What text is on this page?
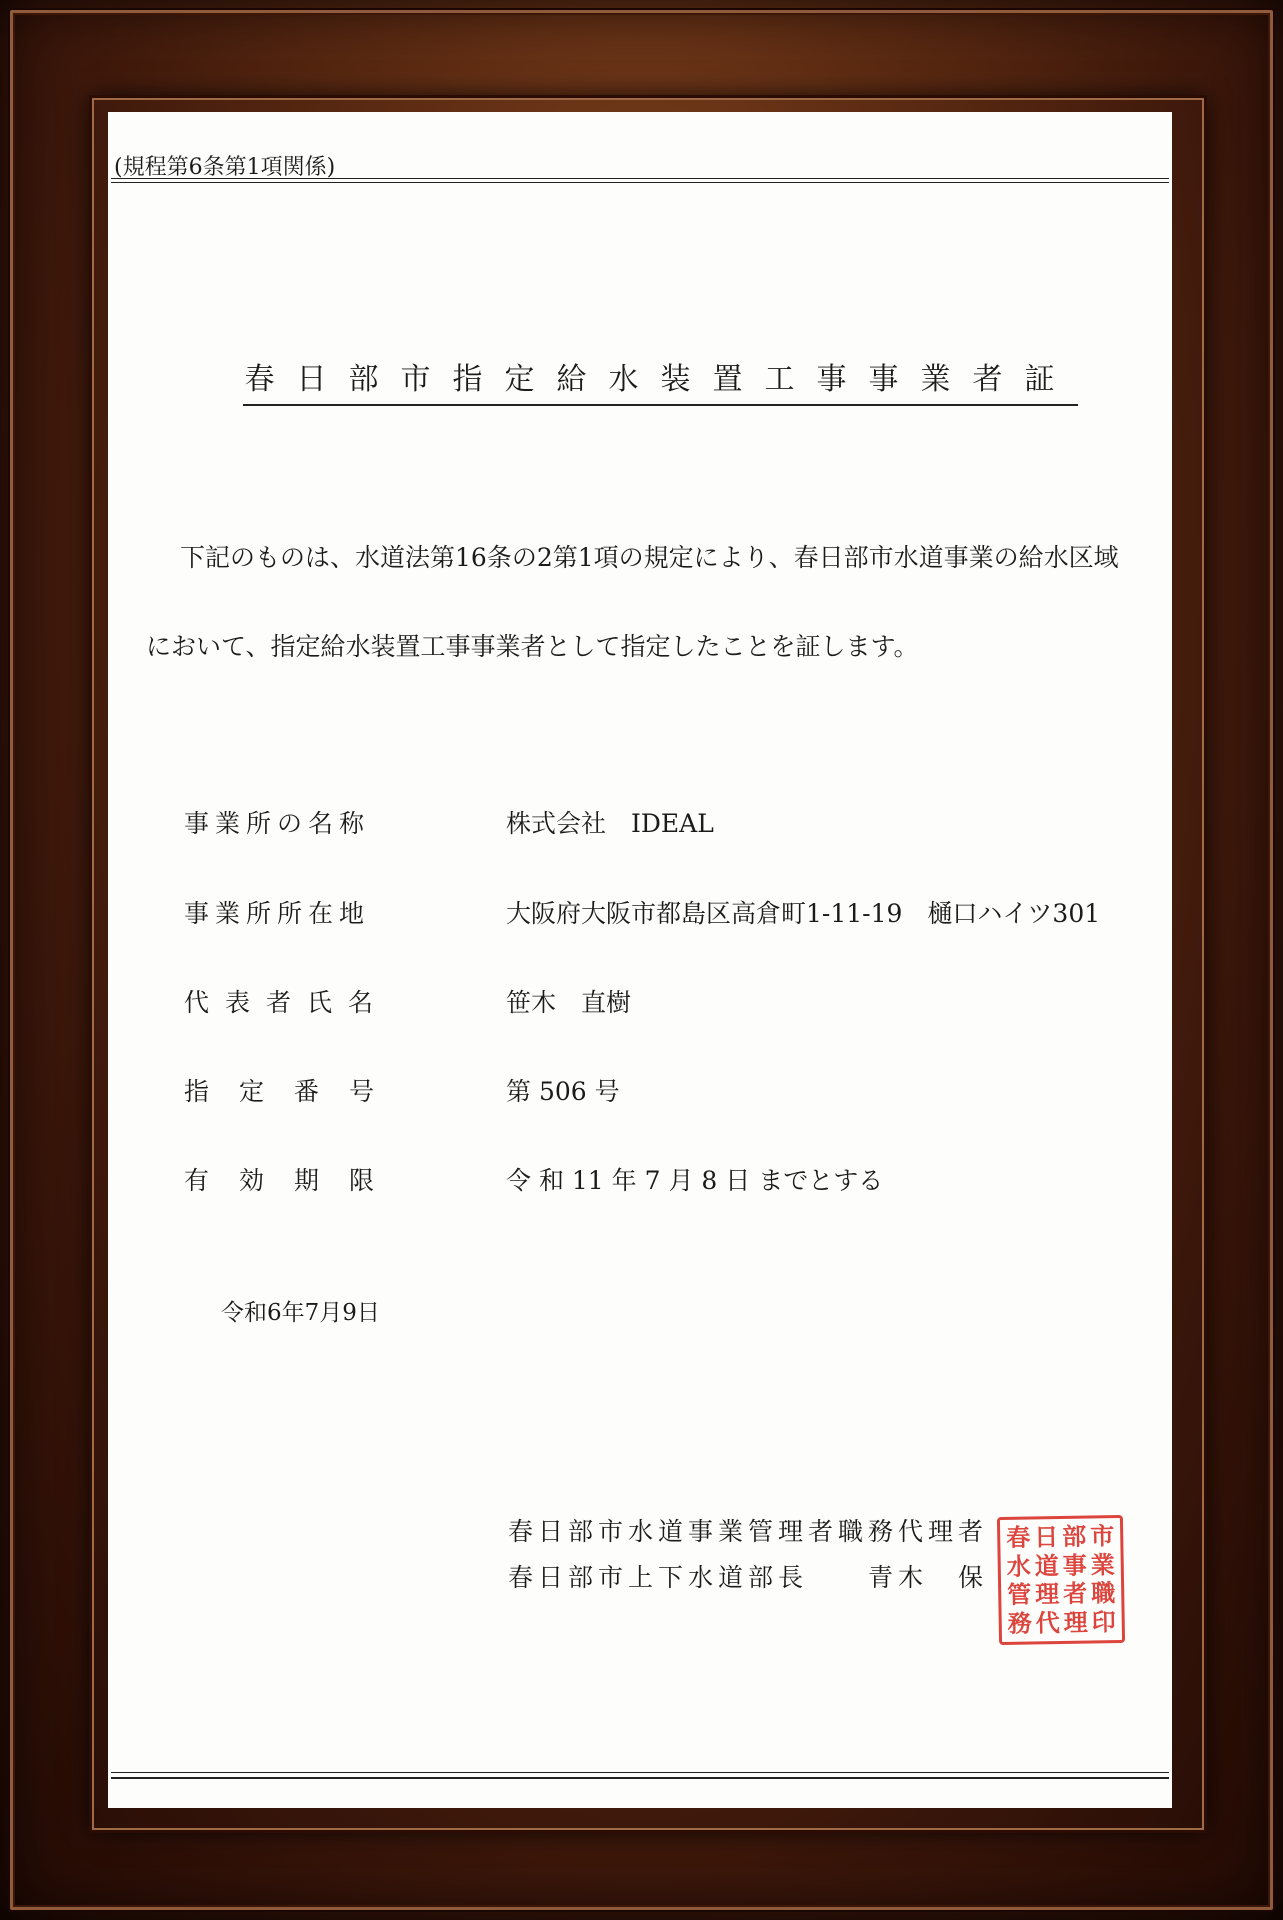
(規程第6条第1項関係)
春日部市指定給水装置工事事業者証
下記のものは、水道法第16条の2第1項の規定により、春日部市水道事業の給水区域
において、指定給水装置工事事業者として指定したことを証します。
事業所の名称	株式会社　IDEAL
事業所所在地	大阪府大阪市都島区高倉町1-11-19　樋口ハイツ301
代表者氏名	笹木　直樹
指定番号	第 506 号
有効期限	令 和 11 年 7 月 8 日 までとする
令和6年7月9日
春日部市水道事業管理者職務代理者
春日部市上下水道部長　　青木　保
春 日 部 市
水 道 事 業
管 理 者 職
務 代 理 印
